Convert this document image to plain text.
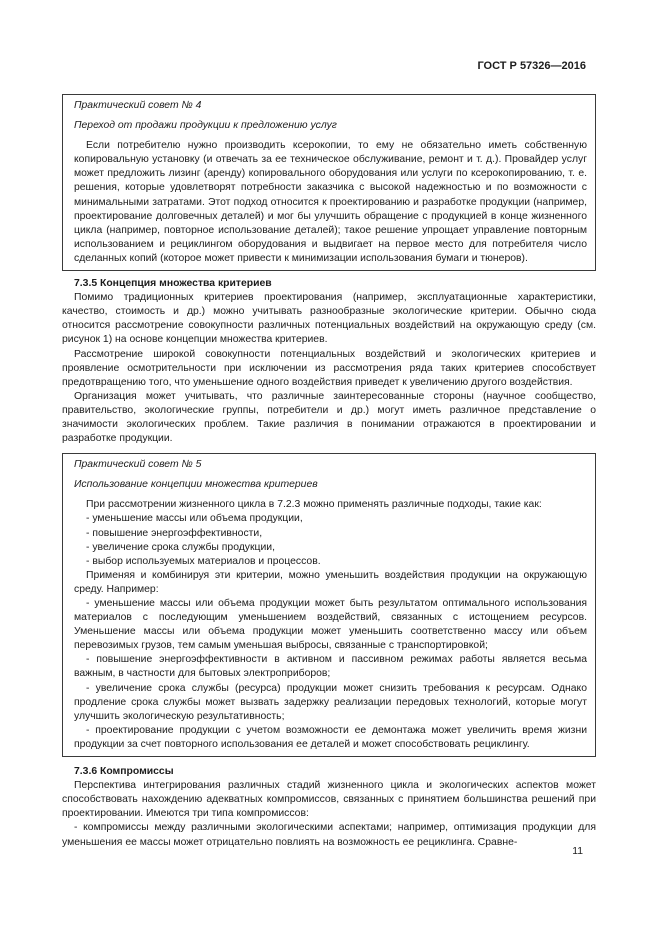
ГОСТ Р 57326—2016

Практический совет № 4

Переход от продажи продукции к предложению услуг

Если потребителю нужно производить ксерокопии, то ему не обязательно иметь собственную копировальную установку (и отвечать за ее техническое обслуживание, ремонт и т. д.). Провайдер услуг может предложить лизинг (аренду) копировального оборудования или услуги по ксерокопированию, т. е. решения, которые удовлетворят потребности заказчика с высокой надежностью и по возможности с минимальными затратами. Этот подход относится к проектированию и разработке продукции (например, проектирование долговечных деталей) и мог бы улучшить обращение с продукцией в конце жизненного цикла (например, повторное использование деталей); такое решение упрощает управление повторным использованием и рециклингом оборудования и выдвигает на первое место для потребителя число сделанных копий (которое может привести к минимизации использования бумаги и тюнеров).

7.3.5 Концепция множества критериев

Помимо традиционных критериев проектирования (например, эксплуатационные характеристики, качество, стоимость и др.) можно учитывать разнообразные экологические критерии. Обычно сюда относится рассмотрение совокупности различных потенциальных воздействий на окружающую среду (см. рисунок 1) на основе концепции множества критериев.

Рассмотрение широкой совокупности потенциальных воздействий и экологических критериев и проявление осмотрительности при исключении из рассмотрения ряда таких критериев способствует предотвращению того, что уменьшение одного воздействия приведет к увеличению другого воздействия.

Организация может учитывать, что различные заинтересованные стороны (научное сообщество, правительство, экологические группы, потребители и др.) могут иметь различное представление о значимости экологических проблем. Такие различия в понимании отражаются в проектировании и разработке продукции.

Практический совет № 5

Использование концепции множества критериев

При рассмотрении жизненного цикла в 7.2.3 можно применять различные подходы, такие как:

- уменьшение массы или объема продукции,

- повышение энергоэффективности,

- увеличение срока службы продукции,

- выбор используемых материалов и процессов.

Применяя и комбинируя эти критерии, можно уменьшить воздействия продукции на окружающую среду. Например:

- уменьшение массы или объема продукции может быть результатом оптимального использования материалов с последующим уменьшением воздействий, связанных с истощением ресурсов. Уменьшение массы или объема продукции может уменьшить соответственно массу или объем перевозимых грузов, тем самым уменьшая выбросы, связанные с транспортировкой;

- повышение энергоэффективности в активном и пассивном режимах работы является весьма важным, в частности для бытовых электроприборов;

- увеличение срока службы (ресурса) продукции может снизить требования к ресурсам. Однако продление срока службы может вызвать задержку реализации передовых технологий, которые могут улучшить экологическую результативность;

- проектирование продукции с учетом возможности ее демонтажа может увеличить время жизни продукции за счет повторного использования ее деталей и может способствовать рециклингу.

7.3.6 Компромиссы

Перспектива интегрирования различных стадий жизненного цикла и экологических аспектов может способствовать нахождению адекватных компромиссов, связанных с принятием большинства решений при проектировании. Имеются три типа компромиссов:

- компромиссы между различными экологическими аспектами; например, оптимизация продукции для уменьшения ее массы может отрицательно повлиять на возможность ее рециклинга. Сравне-

11
